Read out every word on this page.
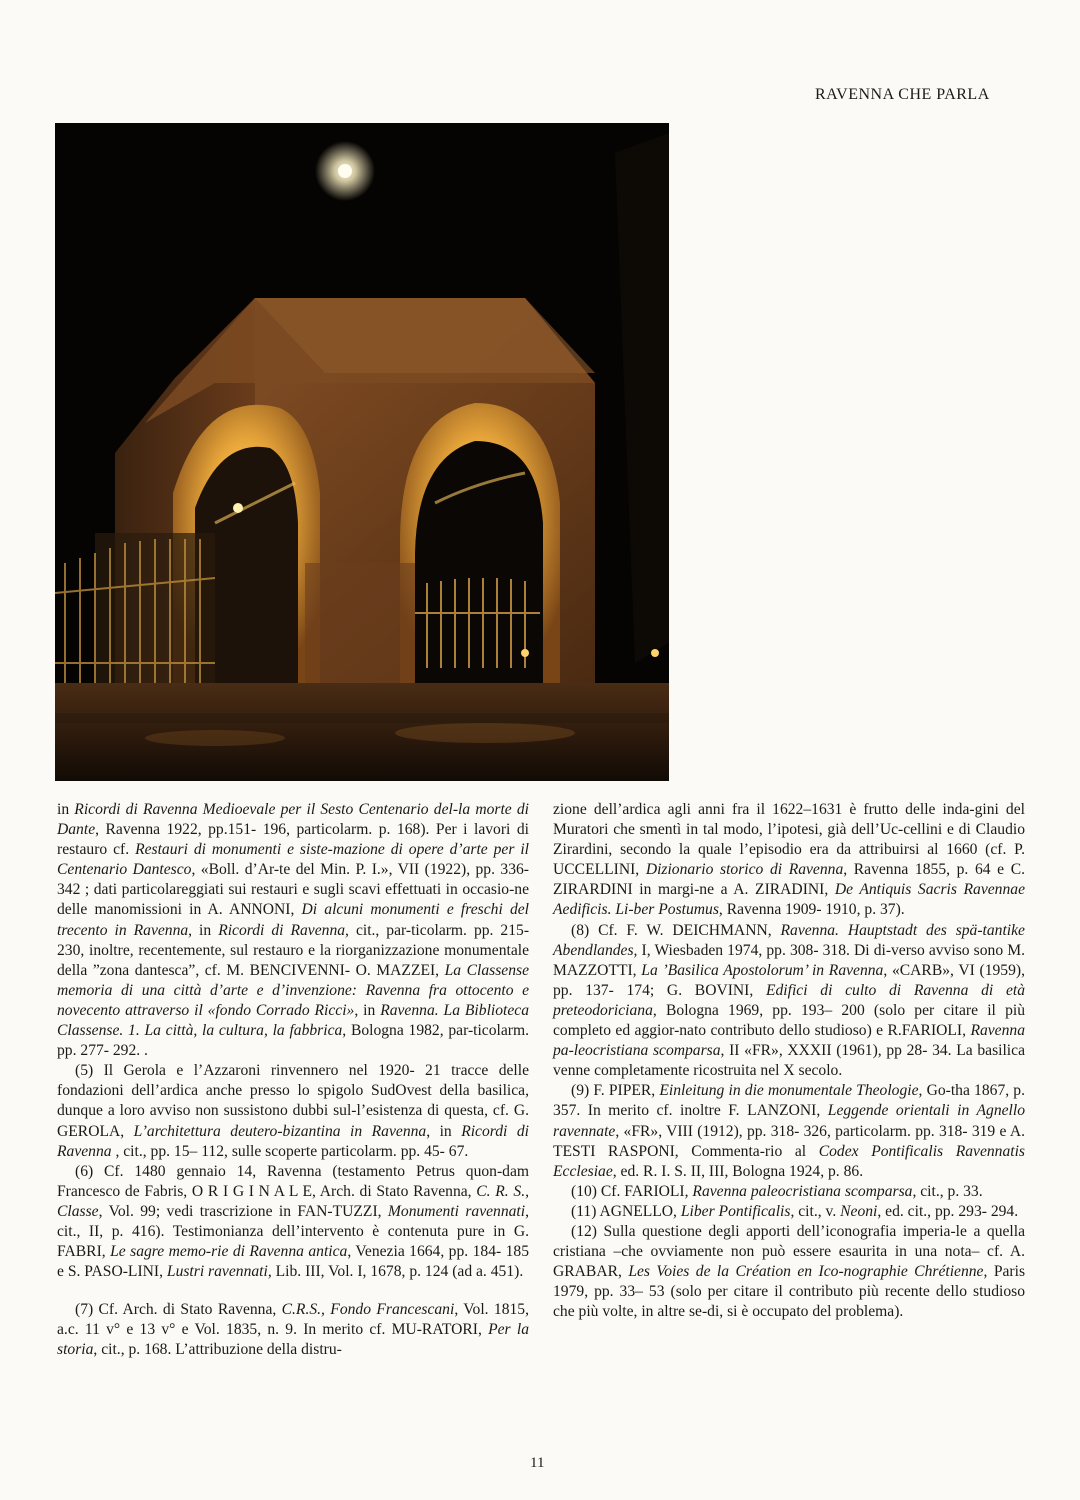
RAVENNA CHE PARLA

in Ricordi di Ravenna Medioevale per il Sesto Centenario del-la morte di Dante, Ravenna 1922, pp.151- 196, particolarm. p. 168). Per i lavori di restauro cf. Restauri di monumenti e siste-mazione di opere d’arte per il Centenario Dantesco, «Boll. d’Ar-te del Min. P. I.», VII (1922), pp. 336- 342 ; dati particolareggiati sui restauri e sugli scavi effettuati in occasio-ne delle manomissioni in A. ANNONI, Di alcuni monumenti e freschi del trecento in Ravenna, in Ricordi di Ravenna, cit., par-ticolarm. pp. 215- 230, inoltre, recentemente, sul restauro e la riorganizzazione monumentale della ”zona dantesca”, cf. M. BENCIVENNI- O. MAZZEI, La Classense memoria di una città d’arte e d’invenzione: Ravenna fra ottocento e novecento attraverso il «fondo Corrado Ricci», in Ravenna. La Biblioteca Classense. 1. La città, la cultura, la fabbrica, Bologna 1982, par-ticolarm. pp. 277- 292. .

(5) Il Gerola e l’Azzaroni rinvennero nel 1920- 21 tracce delle fondazioni dell’ardica anche presso lo spigolo SudOvest della basilica, dunque a loro avviso non sussistono dubbi sul-l’esistenza di questa, cf. G. GEROLA, L’architettura deutero-bizantina in Ravenna, in Ricordi di Ravenna , cit., pp. 15– 112, sulle scoperte particolarm. pp. 45- 67.

(6) Cf. 1480 gennaio 14, Ravenna (testamento Petrus quon-dam Francesco de Fabris, O R I G I N A L E, Arch. di Stato Ravenna, C. R. S., Classe, Vol. 99; vedi trascrizione in FAN-TUZZI, Monumenti ravennati, cit., II, p. 416). Testimonianza dell’intervento è contenuta pure in G. FABRI, Le sagre memo-rie di Ravenna antica, Venezia 1664, pp. 184- 185 e S. PASO-LINI, Lustri ravennati, Lib. III, Vol. I, 1678, p. 124 (ad a. 451).

(7) Cf. Arch. di Stato Ravenna, C.R.S., Fondo Francescani, Vol. 1815, a.c. 11 v° e 13 v° e Vol. 1835, n. 9. In merito cf. MU-RATORI, Per la storia, cit., p. 168. L’attribuzione della distru-

zione dell’ardica agli anni fra il 1622–1631 è frutto delle inda-gini del Muratori che smentì in tal modo, l’ipotesi, già dell’Uc-cellini e di Claudio Zirardini, secondo la quale l’episodio era da attribuirsi al 1660 (cf. P. UCCELLINI, Dizionario storico di Ravenna, Ravenna 1855, p. 64 e C. ZIRARDINI in margi-ne a A. ZIRADINI, De Antiquis Sacris Ravennae Aedificis. Li-ber Postumus, Ravenna 1909- 1910, p. 37).

(8) Cf. F. W. DEICHMANN, Ravenna. Hauptstadt des spä-tantike Abendlandes, I, Wiesbaden 1974, pp. 308- 318. Di di-verso avviso sono M. MAZZOTTI, La ’Basilica Apostolorum’ in Ravenna, «CARB», VI (1959), pp. 137- 174; G. BOVINI, Edifici di culto di Ravenna di età preteodoriciana, Bologna 1969, pp. 193– 200 (solo per citare il più completo ed aggior-nato contributo dello studioso) e R.FARIOLI, Ravenna pa-leocristiana scomparsa, II «FR», XXXII (1961), pp 28- 34. La basilica venne completamente ricostruita nel X secolo.

(9) F. PIPER, Einleitung in die monumentale Theologie, Go-tha 1867, p. 357. In merito cf. inoltre F. LANZONI, Leggende orientali in Agnello ravennate, «FR», VIII (1912), pp. 318- 326, particolarm. pp. 318- 319 e A. TESTI RASPONI, Commenta-rio al Codex Pontificalis Ravennatis Ecclesiae, ed. R. I. S. II, III, Bologna 1924, p. 86.

(10) Cf. FARIOLI, Ravenna paleocristiana scomparsa, cit., p. 33.

(11) AGNELLO, Liber Pontificalis, cit., v. Neoni, ed. cit., pp. 293- 294.

(12) Sulla questione degli apporti dell’iconografia imperia-le a quella cristiana –che ovviamente non può essere esaurita in una nota– cf. A. GRABAR, Les Voies de la Création en Ico-nographie Chrétienne, Paris 1979, pp. 33– 53 (solo per citare il contributo più recente dello studioso che più volte, in altre se-di, si è occupato del problema).

11
